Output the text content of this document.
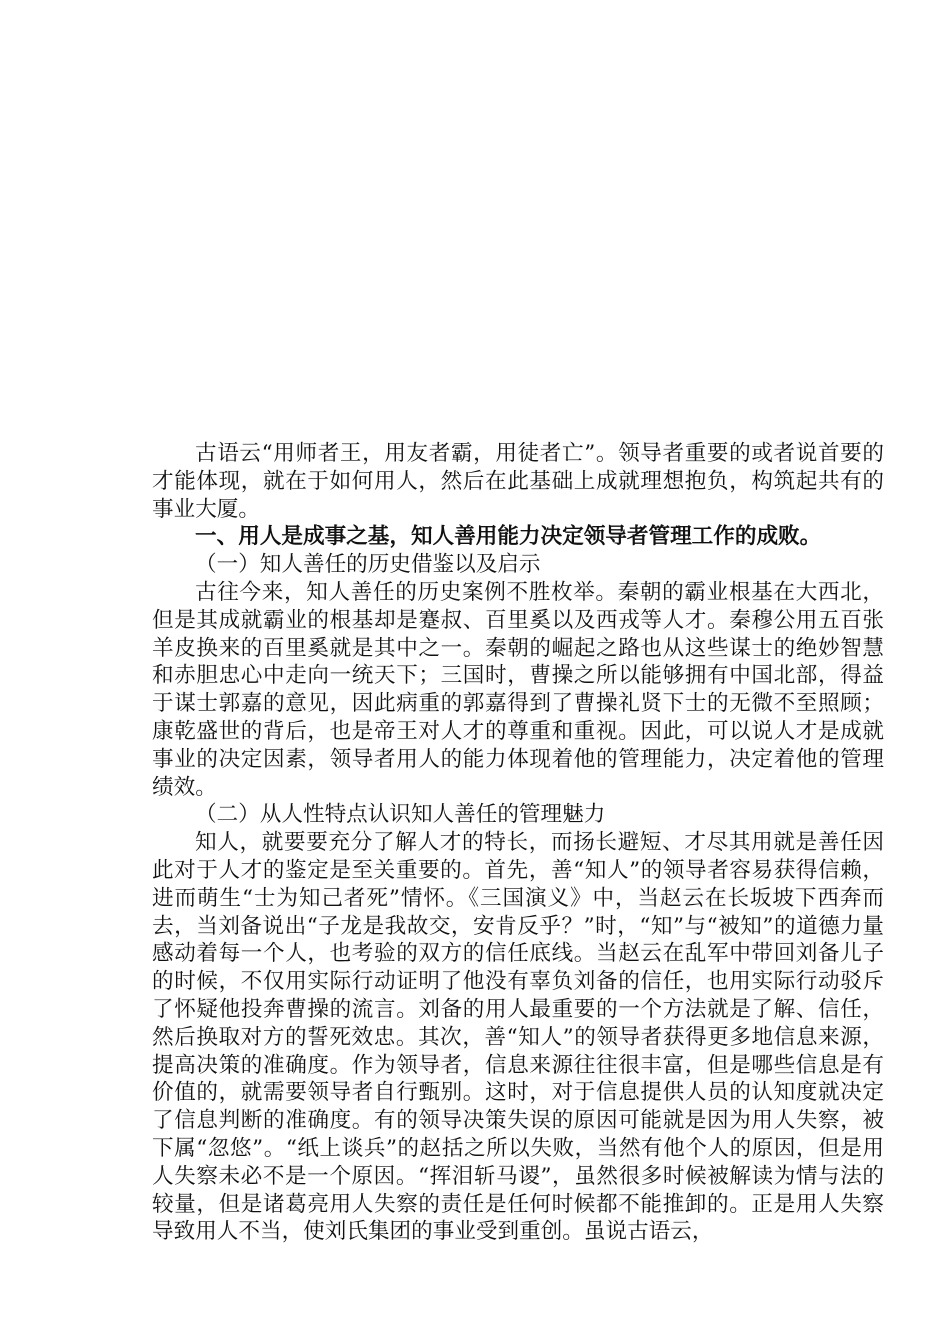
古语云“用师者王，用友者霸，用徒者亡”。领导者重要的或者说首要的才能体现，就在于如何用人，然后在此基础上成就理想抱负，构筑起共有的事业大厦。

一、用人是成事之基，知人善用能力决定领导者管理工作的成败。

（一）知人善任的历史借鉴以及启示

古往今来，知人善任的历史案例不胜枚举。秦朝的霸业根基在大西北，但是其成就霸业的根基却是蹇叔、百里奚以及西戎等人才。秦穆公用五百张羊皮换来的百里奚就是其中之一。秦朝的崛起之路也从这些谋士的绝妙智慧和赤胆忠心中走向一统天下；三国时，曹操之所以能够拥有中国北部，得益于谋士郭嘉的意见，因此病重的郭嘉得到了曹操礼贤下士的无微不至照顾；康乾盛世的背后，也是帝王对人才的尊重和重视。因此，可以说人才是成就事业的决定因素，领导者用人的能力体现着他的管理能力，决定着他的管理绩效。

（二）从人性特点认识知人善任的管理魅力

知人，就要要充分了解人才的特长，而扬长避短、才尽其用就是善任因此对于人才的鉴定是至关重要的。首先，善“知人”的领导者容易获得信赖，进而萌生“士为知己者死”情怀。《三国演义》中，当赵云在长坂坡下西奔而去，当刘备说出“子龙是我故交，安肯反乎？”时，“知”与“被知”的道德力量感动着每一个人，也考验的双方的信任底线。当赵云在乱军中带回刘备儿子的时候，不仅用实际行动证明了他没有辜负刘备的信任，也用实际行动驳斥了怀疑他投奔曹操的流言。刘备的用人最重要的一个方法就是了解、信任，然后换取对方的誓死效忠。其次，善“知人”的领导者获得更多地信息来源，提高决策的准确度。作为领导者，信息来源往往很丰富，但是哪些信息是有价值的，就需要领导者自行甄别。这时，对于信息提供人员的认知度就决定了信息判断的准确度。有的领导决策失误的原因可能就是因为用人失察，被下属“忽悠”。“纸上谈兵”的赵括之所以失败，当然有他个人的原因，但是用人失察未必不是一个原因。“挥泪斩马谡”，虽然很多时候被解读为情与法的较量，但是诸葛亮用人失察的责任是任何时候都不能推卸的。正是用人失察导致用人不当，使刘氏集团的事业受到重创。虽说古语云，
